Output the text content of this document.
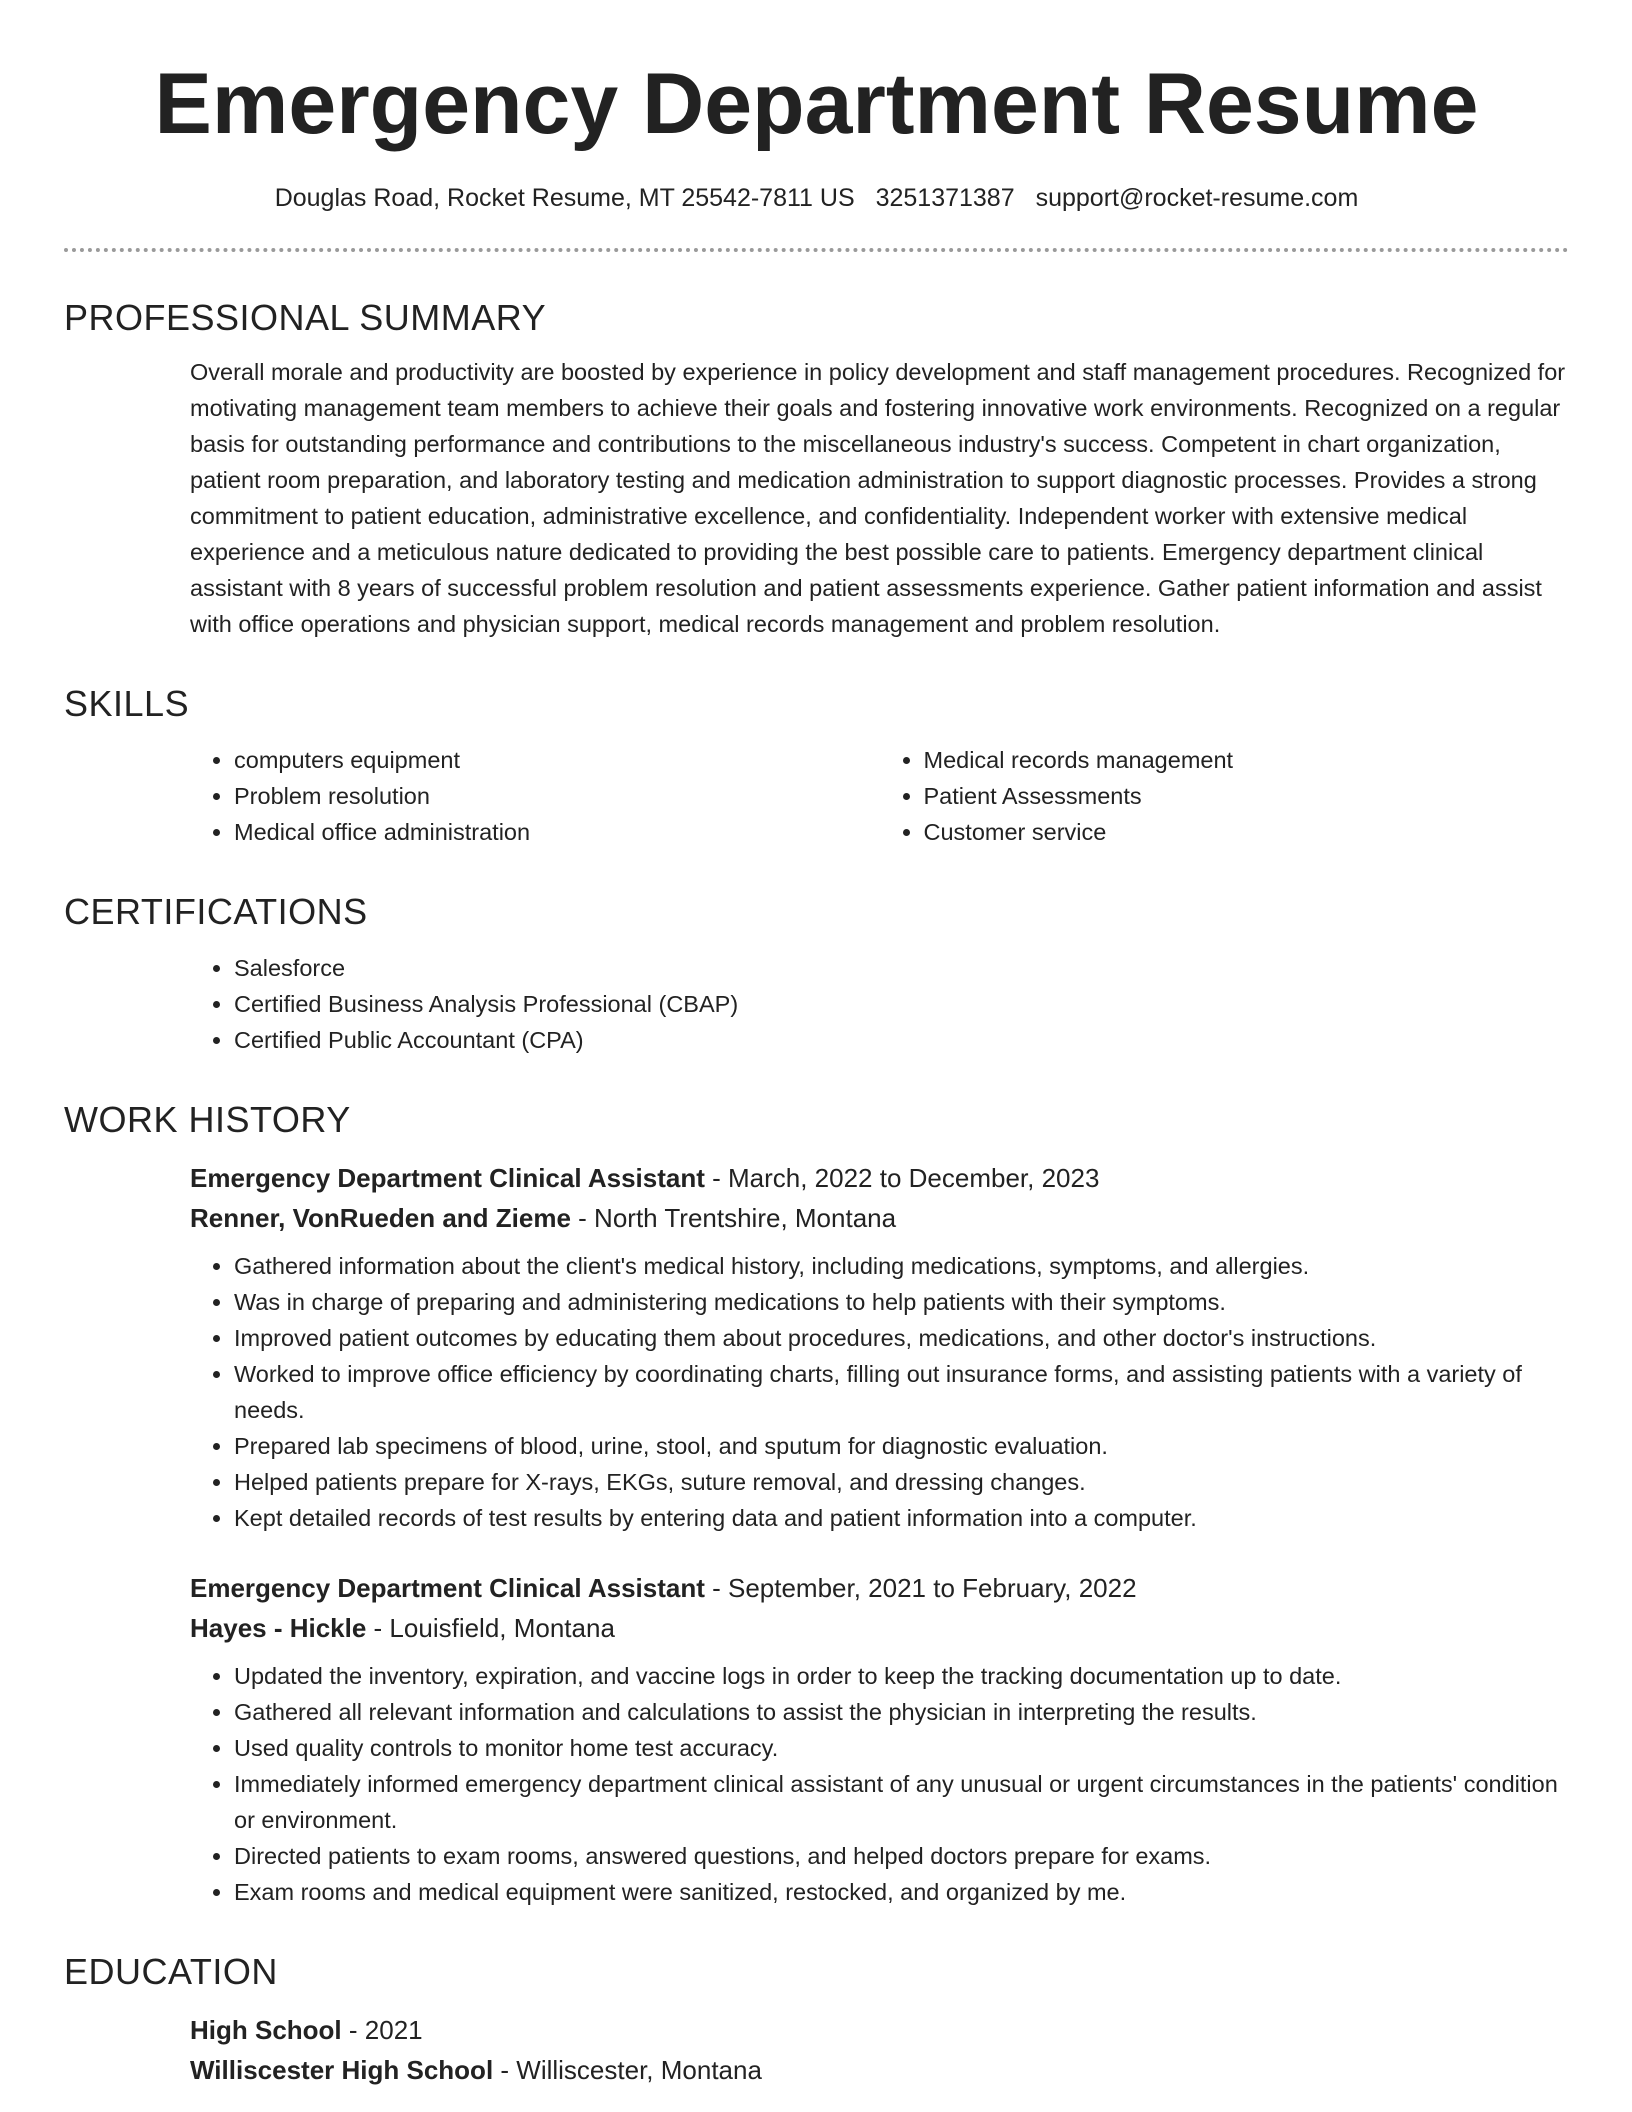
Emergency Department Resume
Douglas Road, Rocket Resume, MT 25542-7811 US 3251371387 support@rocket-resume.com
PROFESSIONAL SUMMARY
Overall morale and productivity are boosted by experience in policy development and staff management procedures. Recognized for motivating management team members to achieve their goals and fostering innovative work environments. Recognized on a regular basis for outstanding performance and contributions to the miscellaneous industry's success. Competent in chart organization, patient room preparation, and laboratory testing and medication administration to support diagnostic processes. Provides a strong commitment to patient education, administrative excellence, and confidentiality. Independent worker with extensive medical experience and a meticulous nature dedicated to providing the best possible care to patients. Emergency department clinical assistant with 8 years of successful problem resolution and patient assessments experience. Gather patient information and assist with office operations and physician support, medical records management and problem resolution.
SKILLS
• computers equipment
• Problem resolution
• Medical office administration
• Medical records management
• Patient Assessments
• Customer service
CERTIFICATIONS
• Salesforce
• Certified Business Analysis Professional (CBAP)
• Certified Public Accountant (CPA)
WORK HISTORY
Emergency Department Clinical Assistant - March, 2022 to December, 2023
Renner, VonRueden and Zieme - North Trentshire, Montana
• Gathered information about the client's medical history, including medications, symptoms, and allergies.
• Was in charge of preparing and administering medications to help patients with their symptoms.
• Improved patient outcomes by educating them about procedures, medications, and other doctor's instructions.
• Worked to improve office efficiency by coordinating charts, filling out insurance forms, and assisting patients with a variety of needs.
• Prepared lab specimens of blood, urine, stool, and sputum for diagnostic evaluation.
• Helped patients prepare for X-rays, EKGs, suture removal, and dressing changes.
• Kept detailed records of test results by entering data and patient information into a computer.
Emergency Department Clinical Assistant - September, 2021 to February, 2022
Hayes - Hickle - Louisfield, Montana
• Updated the inventory, expiration, and vaccine logs in order to keep the tracking documentation up to date.
• Gathered all relevant information and calculations to assist the physician in interpreting the results.
• Used quality controls to monitor home test accuracy.
• Immediately informed emergency department clinical assistant of any unusual or urgent circumstances in the patients' condition or environment.
• Directed patients to exam rooms, answered questions, and helped doctors prepare for exams.
• Exam rooms and medical equipment were sanitized, restocked, and organized by me.
EDUCATION
High School - 2021
Williscester High School - Williscester, Montana
